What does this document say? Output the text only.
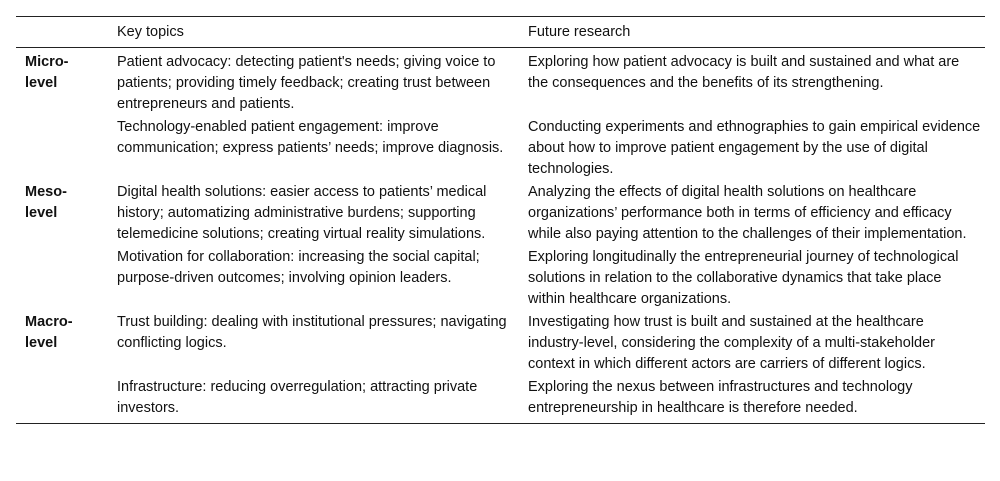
Key topics	Future research
Micro-
level
Patient advocacy: detecting patient's needs; giving voice to patients; providing timely feedback; creating trust between entrepreneurs and patients.
Exploring how patient advocacy is built and sustained and what are the consequences and the benefits of its strengthening.
Technology-enabled patient engagement: improve communication; express patients’ needs; improve diagnosis.
Conducting experiments and ethnographies to gain empirical evidence about how to improve patient engagement by the use of digital technologies.
Meso-
level
Digital health solutions: easier access to patients’ medical history; automatizing administrative burdens; supporting telemedicine solutions; creating virtual reality simulations.
Analyzing the effects of digital health solutions on healthcare organizations’ performance both in terms of efficiency and efficacy while also paying attention to the challenges of their implementation.
Motivation for collaboration: increasing the social capital; purpose-driven outcomes; involving opinion leaders.
Exploring longitudinally the entrepreneurial journey of technological solutions in relation to the collaborative dynamics that take place within healthcare organizations.
Macro-
level
Trust building: dealing with institutional pressures; navigating conflicting logics.
Investigating how trust is built and sustained at the healthcare industry-level, considering the complexity of a multi-stakeholder context in which different actors are carriers of different logics.
Infrastructure: reducing overregulation; attracting private investors.
Exploring the nexus between infrastructures and technology entrepreneurship in healthcare is therefore needed.
